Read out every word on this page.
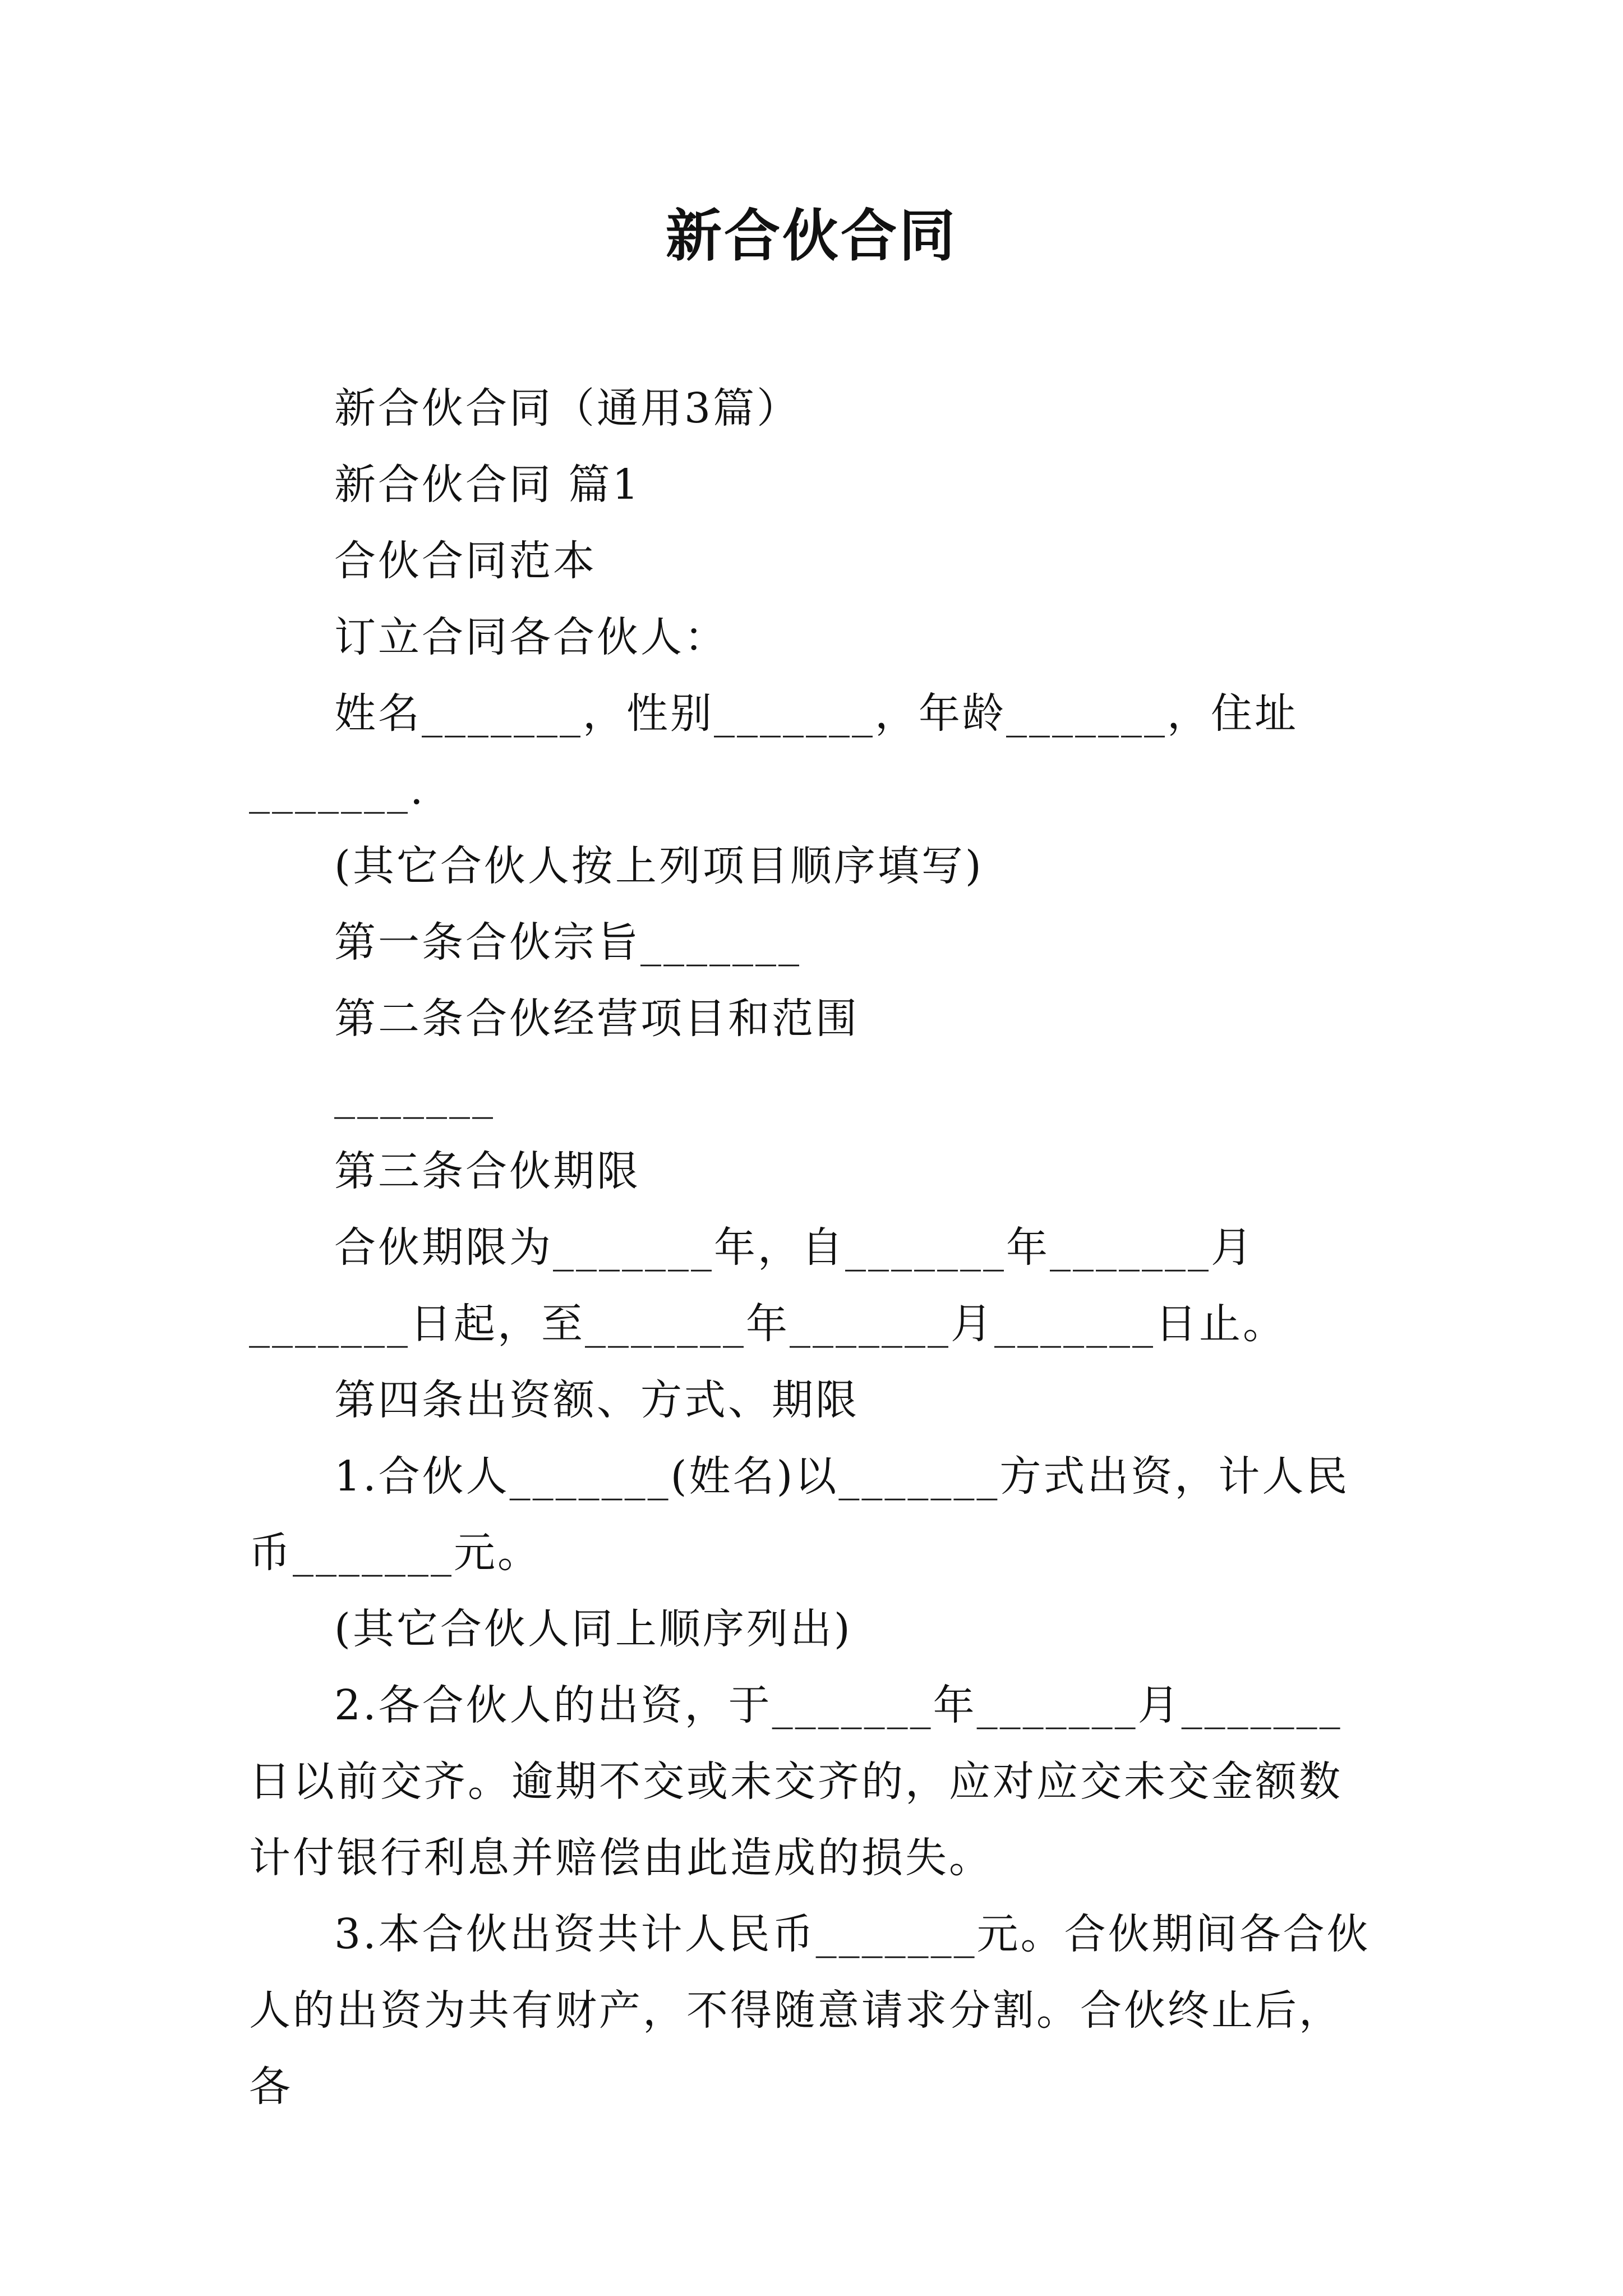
新合伙合同

新合伙合同（通用3篇）

新合伙合同 篇1

合伙合同范本

订立合同各合伙人：

姓名_______，性别_______，年龄_______，住址_______.

(其它合伙人按上列项目顺序填写)

第一条合伙宗旨_______

第二条合伙经营项目和范围

_______

第三条合伙期限

合伙期限为_______年，自_______年_______月_______日起，至_______年_______月_______日止。

第四条出资额、方式、期限

1.合伙人_______(姓名)以_______方式出资，计人民币_______元。

(其它合伙人同上顺序列出)

2.各合伙人的出资，于_______年_______月_______日以前交齐。逾期不交或未交齐的，应对应交未交金额数计付银行利息并赔偿由此造成的损失。

3.本合伙出资共计人民币_______元。合伙期间各合伙人的出资为共有财产，不得随意请求分割。合伙终止后，各
